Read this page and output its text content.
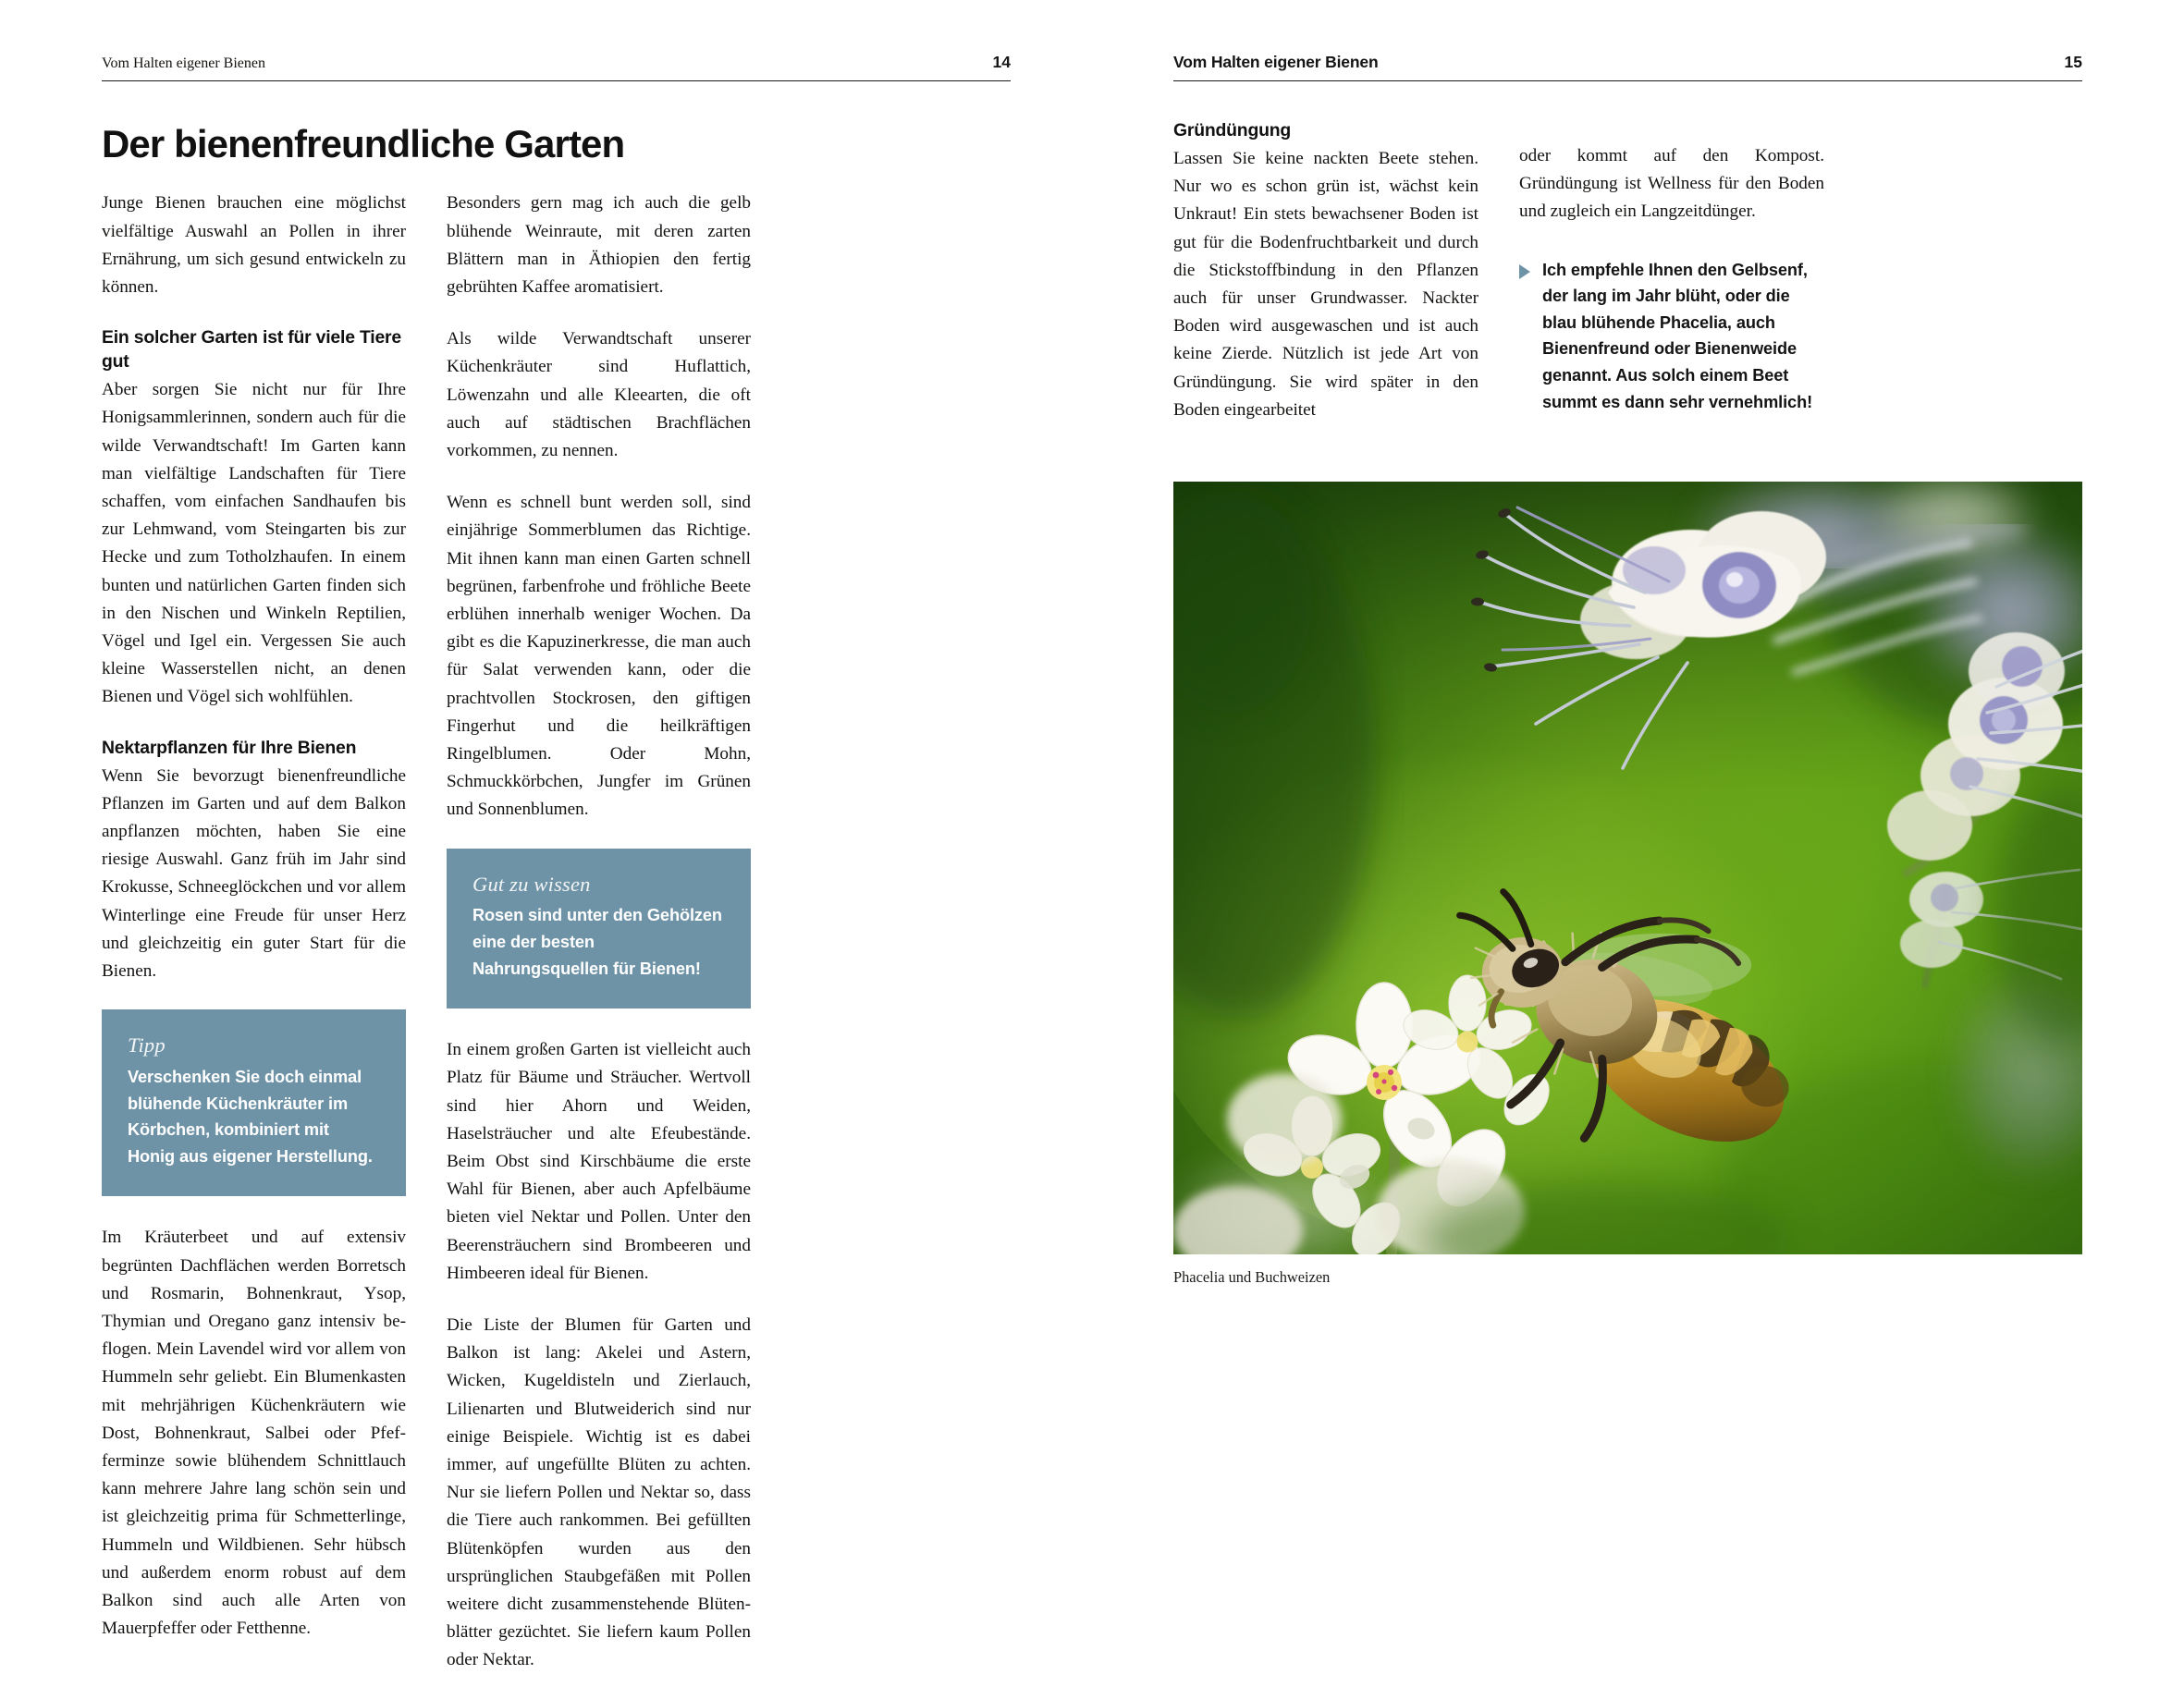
Vom Halten eigener Bienen	14
Der bienenfreundliche Garten

Junge Bienen brauchen eine möglichst vielfältige Auswahl an Pollen in ihrer Ernährung, um sich gesund entwickeln zu können.

Ein solcher Garten ist für viele Tiere gut

Aber sorgen Sie nicht nur für Ihre Honigsammlerinnen, sondern auch für die wilde Verwandtschaft! Im Garten kann man vielfältige Landschaften für Tiere schaffen, vom einfachen Sandhaufen bis zur Lehmwand, vom Steingarten bis zur Hecke und zum Totholzhaufen. In einem bunten und natürlichen Garten finden sich in den Nischen und Winkeln Reptilien, Vögel und Igel ein. Vergessen Sie auch kleine Wasserstellen nicht, an denen Bienen und Vögel sich wohlfühlen.

Nektarpflanzen für Ihre Bienen

Wenn Sie bevorzugt bienenfreundliche Pflanzen im Garten und auf dem Balkon anpflanzen möchten, haben Sie eine riesige Auswahl. Ganz früh im Jahr sind Krokusse, Schneeglöckchen und vor allem Winterlinge eine Freude für unser Herz und gleichzeitig ein guter Start für die Bienen.

Tipp
Verschenken Sie doch einmal blühende Küchenkräuter im Körbchen, kombiniert mit Honig aus eigener Herstellung.

Im Kräuterbeet und auf extensiv begrünten Dachflächen werden Borretsch und Rosmarin, Bohnenkraut, Ysop, Thymian und Oregano ganz intensiv beflogen. Mein Lavendel wird vor allem von Hummeln sehr geliebt. Ein Blumenkasten mit mehrjährigen Küchenkräutern wie Dost, Bohnenkraut, Salbei oder Pfefferminze sowie blühendem Schnittlauch kann mehrere Jahre lang schön sein und ist gleichzeitig prima für Schmetterlinge, Hummeln und Wildbienen. Sehr hübsch und außerdem enorm robust auf dem Balkon sind auch alle Arten von Mauerpfeffer oder Fetthenne.

Besonders gern mag ich auch die gelb blühende Weinraute, mit deren zarten Blättern man in Äthiopien den fertig gebrühten Kaffee aromatisiert.

Als wilde Verwandtschaft unserer Küchenkräuter sind Huflattich, Löwenzahn und alle Kleearten, die oft auch auf städtischen Brachflächen vorkommen, zu nennen.

Wenn es schnell bunt werden soll, sind einjährige Sommerblumen das Richtige. Mit ihnen kann man einen Garten schnell begrünen, farbenfrohe und fröhliche Beete erblühen innerhalb weniger Wochen. Da gibt es die Kapuzinerkresse, die man auch für Salat verwenden kann, oder die prachtvollen Stockrosen, den giftigen Fingerhut und die heilkräftigen Ringelblumen. Oder Mohn, Schmuckkörbchen, Jungfer im Grünen und Sonnenblumen.

Gut zu wissen
Rosen sind unter den Gehölzen eine der besten Nahrungsquellen für Bienen!

In einem großen Garten ist vielleicht auch Platz für Bäume und Sträucher. Wertvoll sind hier Ahorn und Weiden, Haselsträucher und alte Efeubestände. Beim Obst sind Kirschbäume die erste Wahl für Bienen, aber auch Apfelbäume bieten viel Nektar und Pollen. Unter den Beerensträuchern sind Brombeeren und Himbeeren ideal für Bienen.

Die Liste der Blumen für Garten und Balkon ist lang: Akelei und Astern, Wicken, Kugeldisteln und Zierlauch, Lilienarten und Blutweiderich sind nur einige Beispiele. Wichtig ist es dabei immer, auf ungefüllte Blüten zu achten. Nur sie liefern Pollen und Nektar so, dass die Tiere auch rankommen. Bei gefüllten Blütenköpfen wurden aus den ursprünglichen Staubgefäßen mit Pollen weitere dicht zusammenstehende Blütenblätter gezüchtet. Sie liefern kaum Pollen oder Nektar.

Vom Halten eigener Bienen	15
Gründüngung

Lassen Sie keine nackten Beete stehen. Nur wo es schon grün ist, wächst kein Unkraut! Ein stets bewachsener Boden ist gut für die Bodenfruchtbarkeit und durch die Stickstoffbindung in den Pflanzen auch für unser Grundwasser. Nackter Boden wird ausgewaschen und ist auch keine Zierde. Nützlich ist jede Art von Gründüngung. Sie wird später in den Boden eingearbeitet

oder kommt auf den Kompost. Gründüngung ist Wellness für den Boden und zugleich ein Langzeitdünger.

Ich empfehle Ihnen den Gelbsenf, der lang im Jahr blüht, oder die blau blühende Phacelia, auch Bienenfreund oder Bienenweide genannt. Aus solch einem Beet summt es dann sehr vernehmlich!
Phacelia und Buchweizen
